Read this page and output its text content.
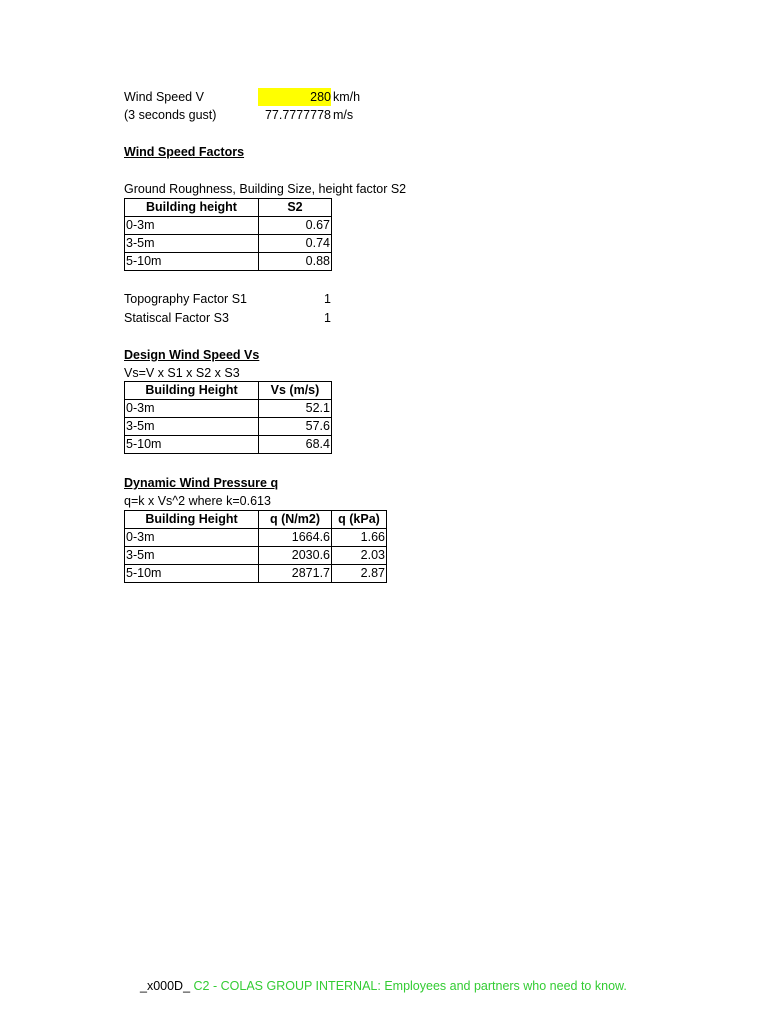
Wind Speed V	280 km/h
(3 seconds gust)	77.7777778 m/s
Wind Speed Factors
Ground Roughness, Building Size, height factor S2
Building height	S2
0-3m	0.67
3-5m	0.74
5-10m	0.88
Topography Factor S1	1
Statiscal Factor S3	1
Design Wind Speed Vs
Vs=V x S1 x S2 x S3
Building Height	Vs (m/s)
0-3m	52.1
3-5m	57.6
5-10m	68.4
Dynamic Wind Pressure q
q=k x Vs^2 where k=0.613
Building Height	q (N/m2)	q (kPa)
0-3m	1664.6	1.66
3-5m	2030.6	2.03
5-10m	2871.7	2.87
_x000D_ C2 - COLAS GROUP INTERNAL: Employees and partners who need to know.
